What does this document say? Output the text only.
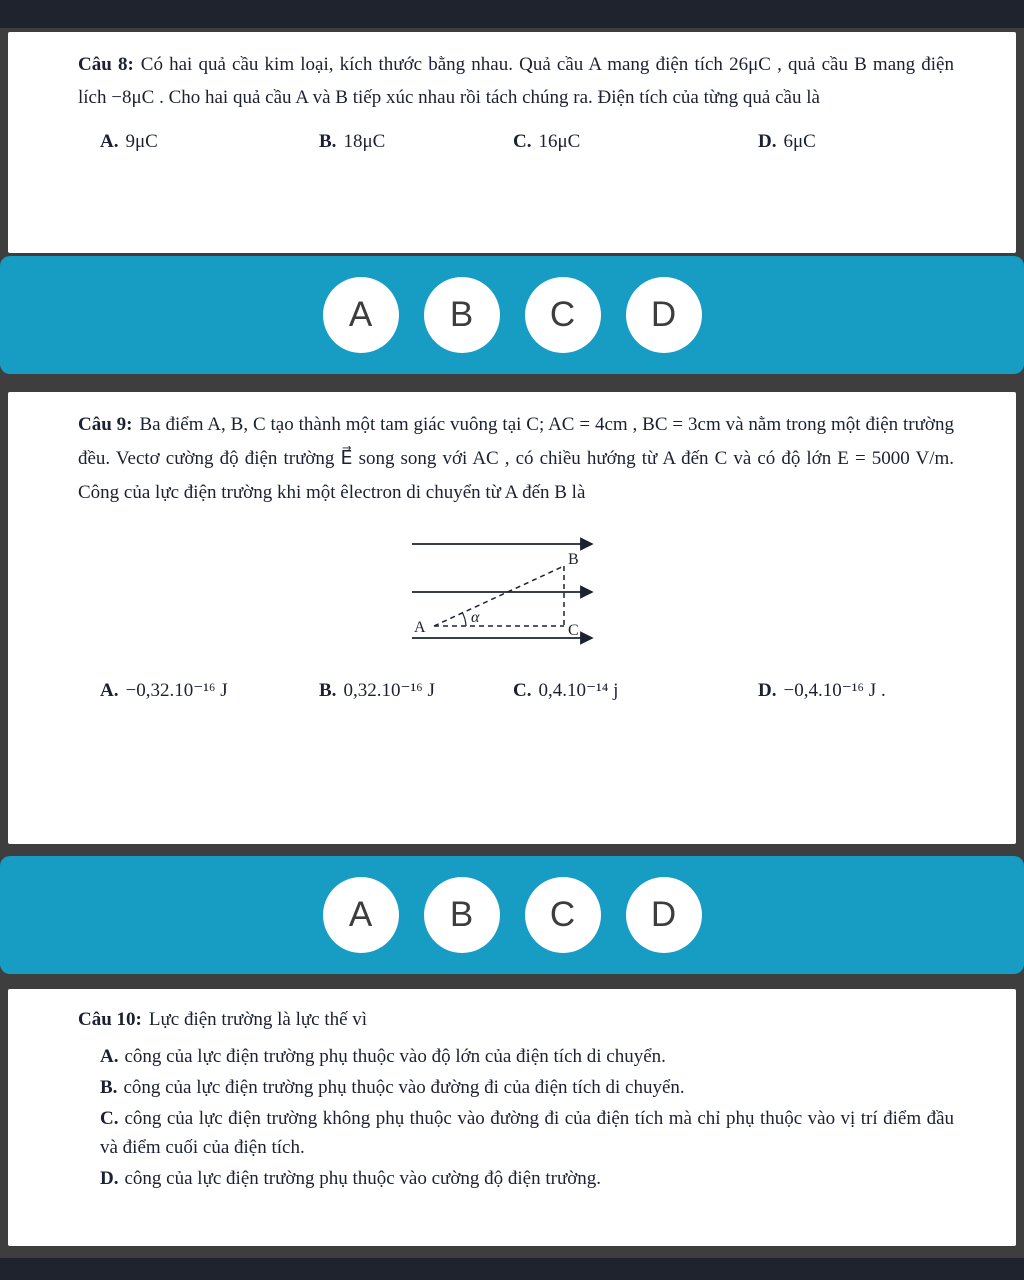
Câu 8: Có hai quả cầu kim loại, kích thước bằng nhau. Quả cầu A mang điện tích 26μC , quả cầu B mang điện lích −8μC . Cho hai quả cầu A và B tiếp xúc nhau rồi tách chúng ra. Điện tích của từng quả cầu là

A. 9μC	B. 18μC	C. 16μC	D. 6μC
A	B	C	D

Câu 9: Ba điểm A, B, C tạo thành một tam giác vuông tại C; AC = 4cm , BC = 3cm và nằm trong một điện trường đều. Vectơ cường độ điện trường E⃗ song song với AC , có chiều hướng từ A đến C và có độ lớn E = 5000 V/m. Công của lực điện trường khi một êlectron di chuyển từ A đến B là

A
B
C
α
A. −0,32.10⁻¹⁶ J	B. 0,32.10⁻¹⁶ J	C. 0,4.10⁻¹⁴ j	D. −0,4.10⁻¹⁶ J .
A	B	C	D

Câu 10: Lực điện trường là lực thế vì

A. công của lực điện trường phụ thuộc vào độ lớn của điện tích di chuyển.

B. công của lực điện trường phụ thuộc vào đường đi của điện tích di chuyển.

C. công của lực điện trường không phụ thuộc vào đường đi của điện tích mà chỉ phụ thuộc vào vị trí điểm đầu và điểm cuối của điện tích.

D. công của lực điện trường phụ thuộc vào cường độ điện trường.
